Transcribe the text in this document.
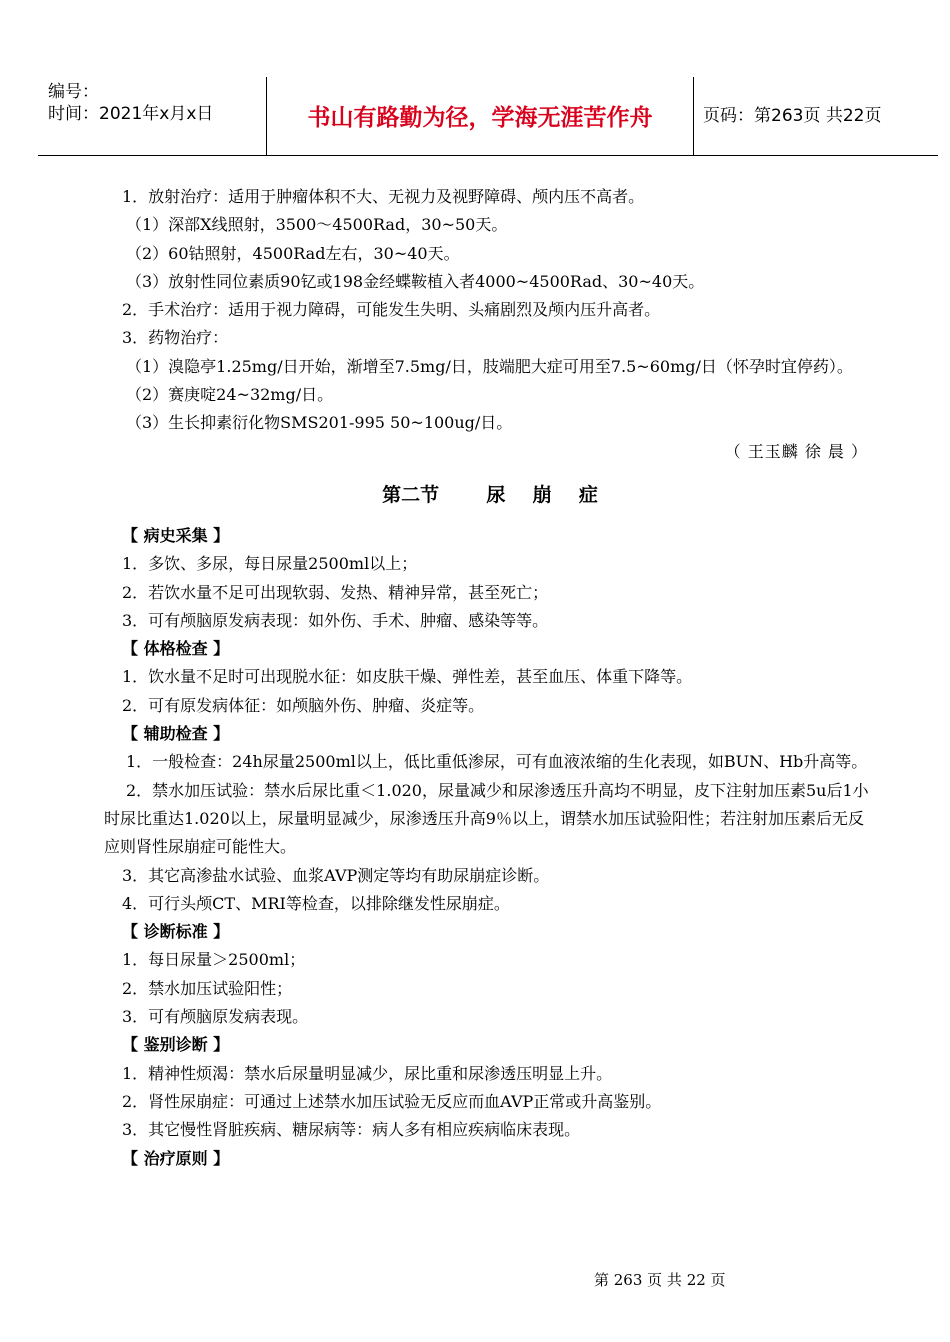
编号：
时间：2021年x月x日	书山有路勤为径，学海无涯苦作舟	页码：第263页 共22页
1．放射治疗：适用于肿瘤体积不大、无视力及视野障碍、颅内压不高者。
（1）深部X线照射，3500～4500Rad，30~50天。
（2）60钴照射，4500Rad左右，30~40天。
（3）放射性同位素质90钇或198金经蝶鞍植入者4000~4500Rad、30~40天。
2．手术治疗：适用于视力障碍，可能发生失明、头痛剧烈及颅内压升高者。
3．药物治疗：
（1）溴隐亭1.25mg/日开始，渐增至7.5mg/日，肢端肥大症可用至7.5~60mg/日（怀孕时宜停药）。
（2）赛庚啶24~32mg/日。
（3）生长抑素衍化物SMS201-995 50~100ug/日。
（ 王玉麟 徐 晨 ）
第二节 尿 崩 症
【 病史采集 】
1．多饮、多尿，每日尿量2500ml以上；
2．若饮水量不足可出现软弱、发热、精神异常，甚至死亡；
3．可有颅脑原发病表现：如外伤、手术、肿瘤、感染等等。
【 体格检查 】
1．饮水量不足时可出现脱水征：如皮肤干燥、弹性差，甚至血压、体重下降等。
2．可有原发病体征：如颅脑外伤、肿瘤、炎症等。
【 辅助检查 】
1．一般检查：24h尿量2500ml以上，低比重低渗尿，可有血液浓缩的生化表现，如BUN、Hb升高等。
2．禁水加压试验：禁水后尿比重＜1.020，尿量减少和尿渗透压升高均不明显，皮下注射加压素5u后1小时尿比重达1.020以上，尿量明显减少，尿渗透压升高9％以上，谓禁水加压试验阳性；若注射加压素后无反应则肾性尿崩症可能性大。
3．其它高渗盐水试验、血浆AVP测定等均有助尿崩症诊断。
4．可行头颅CT、MRI等检查，以排除继发性尿崩症。
【 诊断标准 】
1．每日尿量＞2500ml；
2．禁水加压试验阳性；
3．可有颅脑原发病表现。
【 鉴别诊断 】
1．精神性烦渴：禁水后尿量明显减少，尿比重和尿渗透压明显上升。
2．肾性尿崩症：可通过上述禁水加压试验无反应而血AVP正常或升高鉴别。
3．其它慢性肾脏疾病、糖尿病等：病人多有相应疾病临床表现。
【 治疗原则 】
第 263 页 共 22 页
